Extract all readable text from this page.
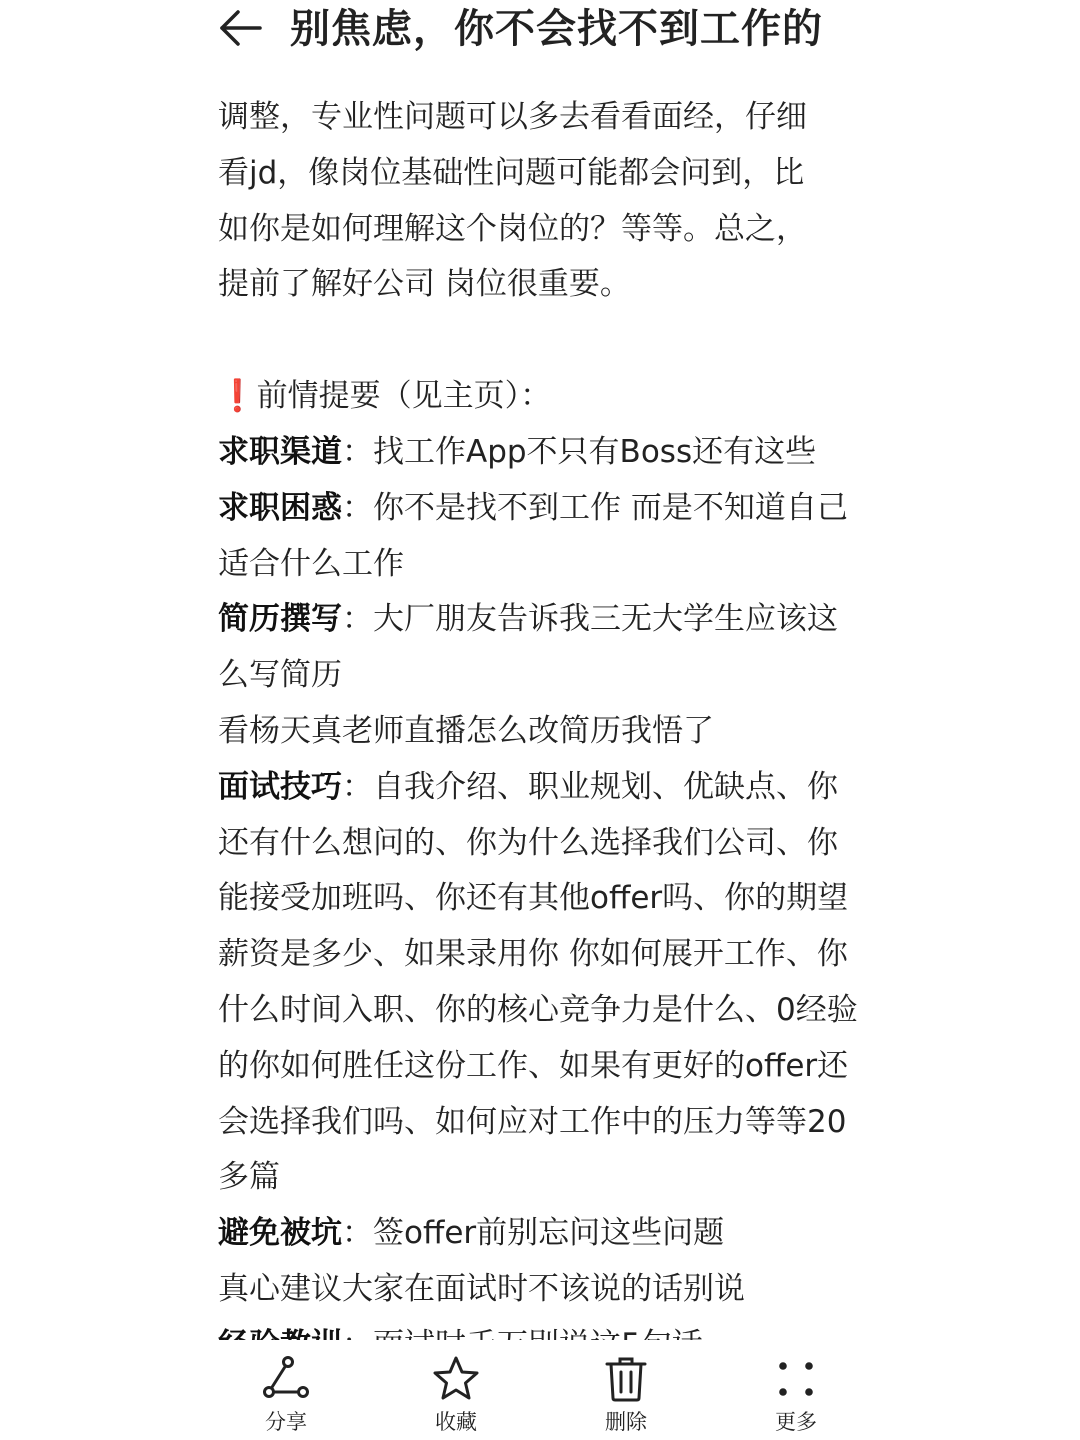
别焦虑，你不会找不到工作的

调整，专业性问题可以多去看看面经，仔细
看jd，像岗位基础性问题可能都会问到，比
如你是如何理解这个岗位的？等等。总之，
提前了解好公司 岗位很重要。

❗前情提要（见主页）：

求职渠道：找工作App不只有Boss还有这些

求职困惑：你不是找不到工作 而是不知道自己适合什么工作

简历撰写：大厂朋友告诉我三无大学生应该这么写简历

看杨天真老师直播怎么改简历我悟了

面试技巧：自我介绍、职业规划、优缺点、你还有什么想问的、你为什么选择我们公司、你能接受加班吗、你还有其他offer吗、你的期望薪资是多少、如果录用你 你如何展开工作、你什么时间入职、你的核心竞争力是什么、0经验的你如何胜任这份工作、如果有更好的offer还会选择我们吗、如何应对工作中的压力等等20多篇

避免被坑：签offer前别忘问这些问题

真心建议大家在面试时不该说的话别说

分享	收藏	删除	更多
